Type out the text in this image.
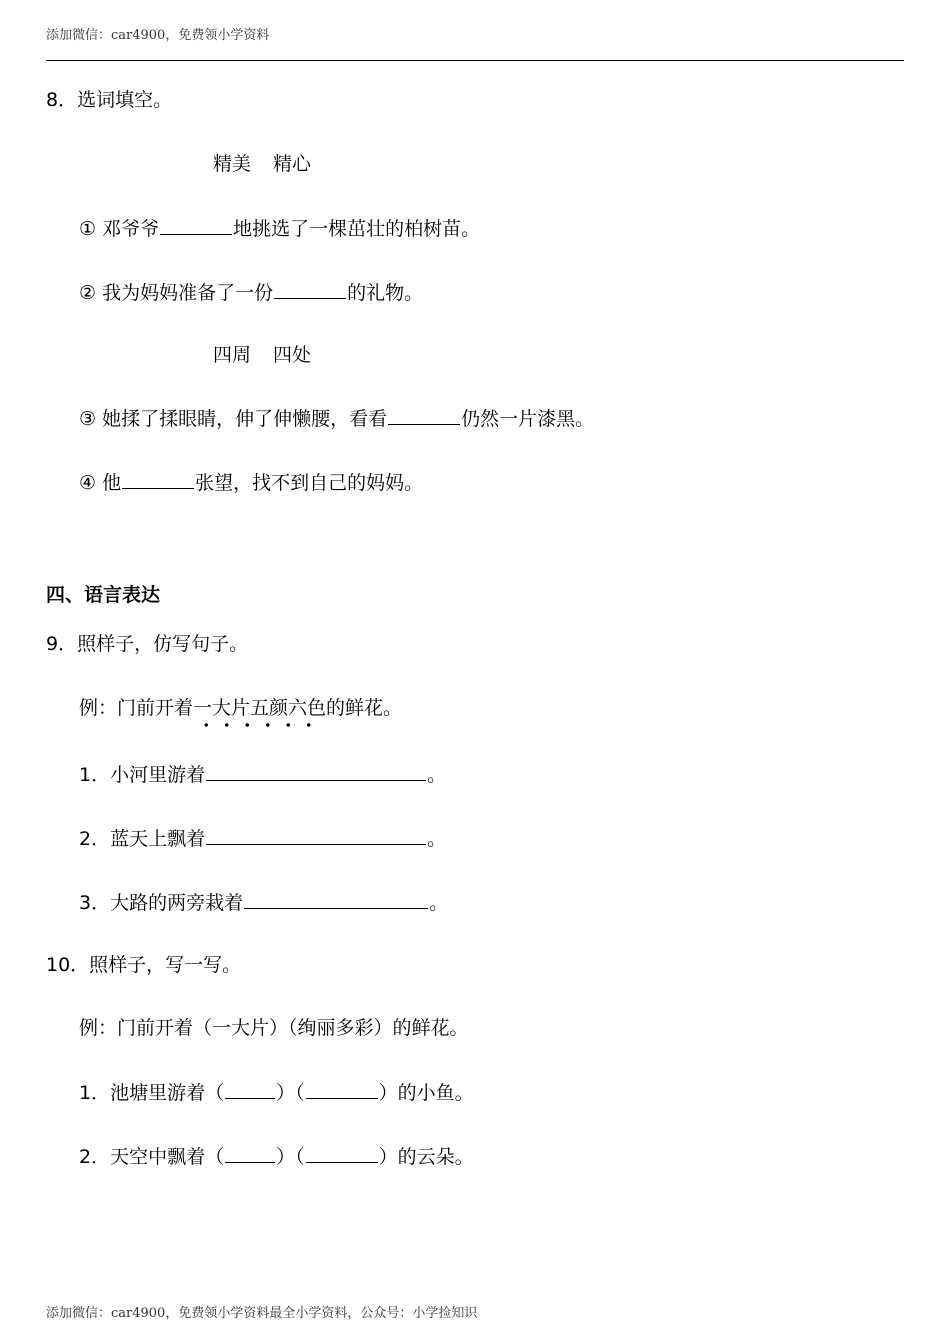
添加微信：car4900，免费领小学资料
8．选词填空。
精美 精心
① 邓爷爷	地挑选了一棵茁壮的柏树苗。
② 我为妈妈准备了一份	的礼物。
四周 四处
③ 她揉了揉眼睛，伸了伸懒腰，看看	仍然一片漆黑。
④ 他	张望，找不到自己的妈妈。
四、语言表达
9．照样子，仿写句子。
例：门前开着一大片五颜六色
的鲜花。
1．小河里游着	。
2．蓝天上飘着	。
3．大路的两旁栽着	。
10．照样子，写一写。
例：门前开着（一大片）（绚丽多彩）的鲜花。
1．池塘里游着（	）（	）的小鱼。
2．天空中飘着（	）（	）的云朵。
添加微信：car4900，免费领小学资料最全小学资料，公众号：小学捡知识
